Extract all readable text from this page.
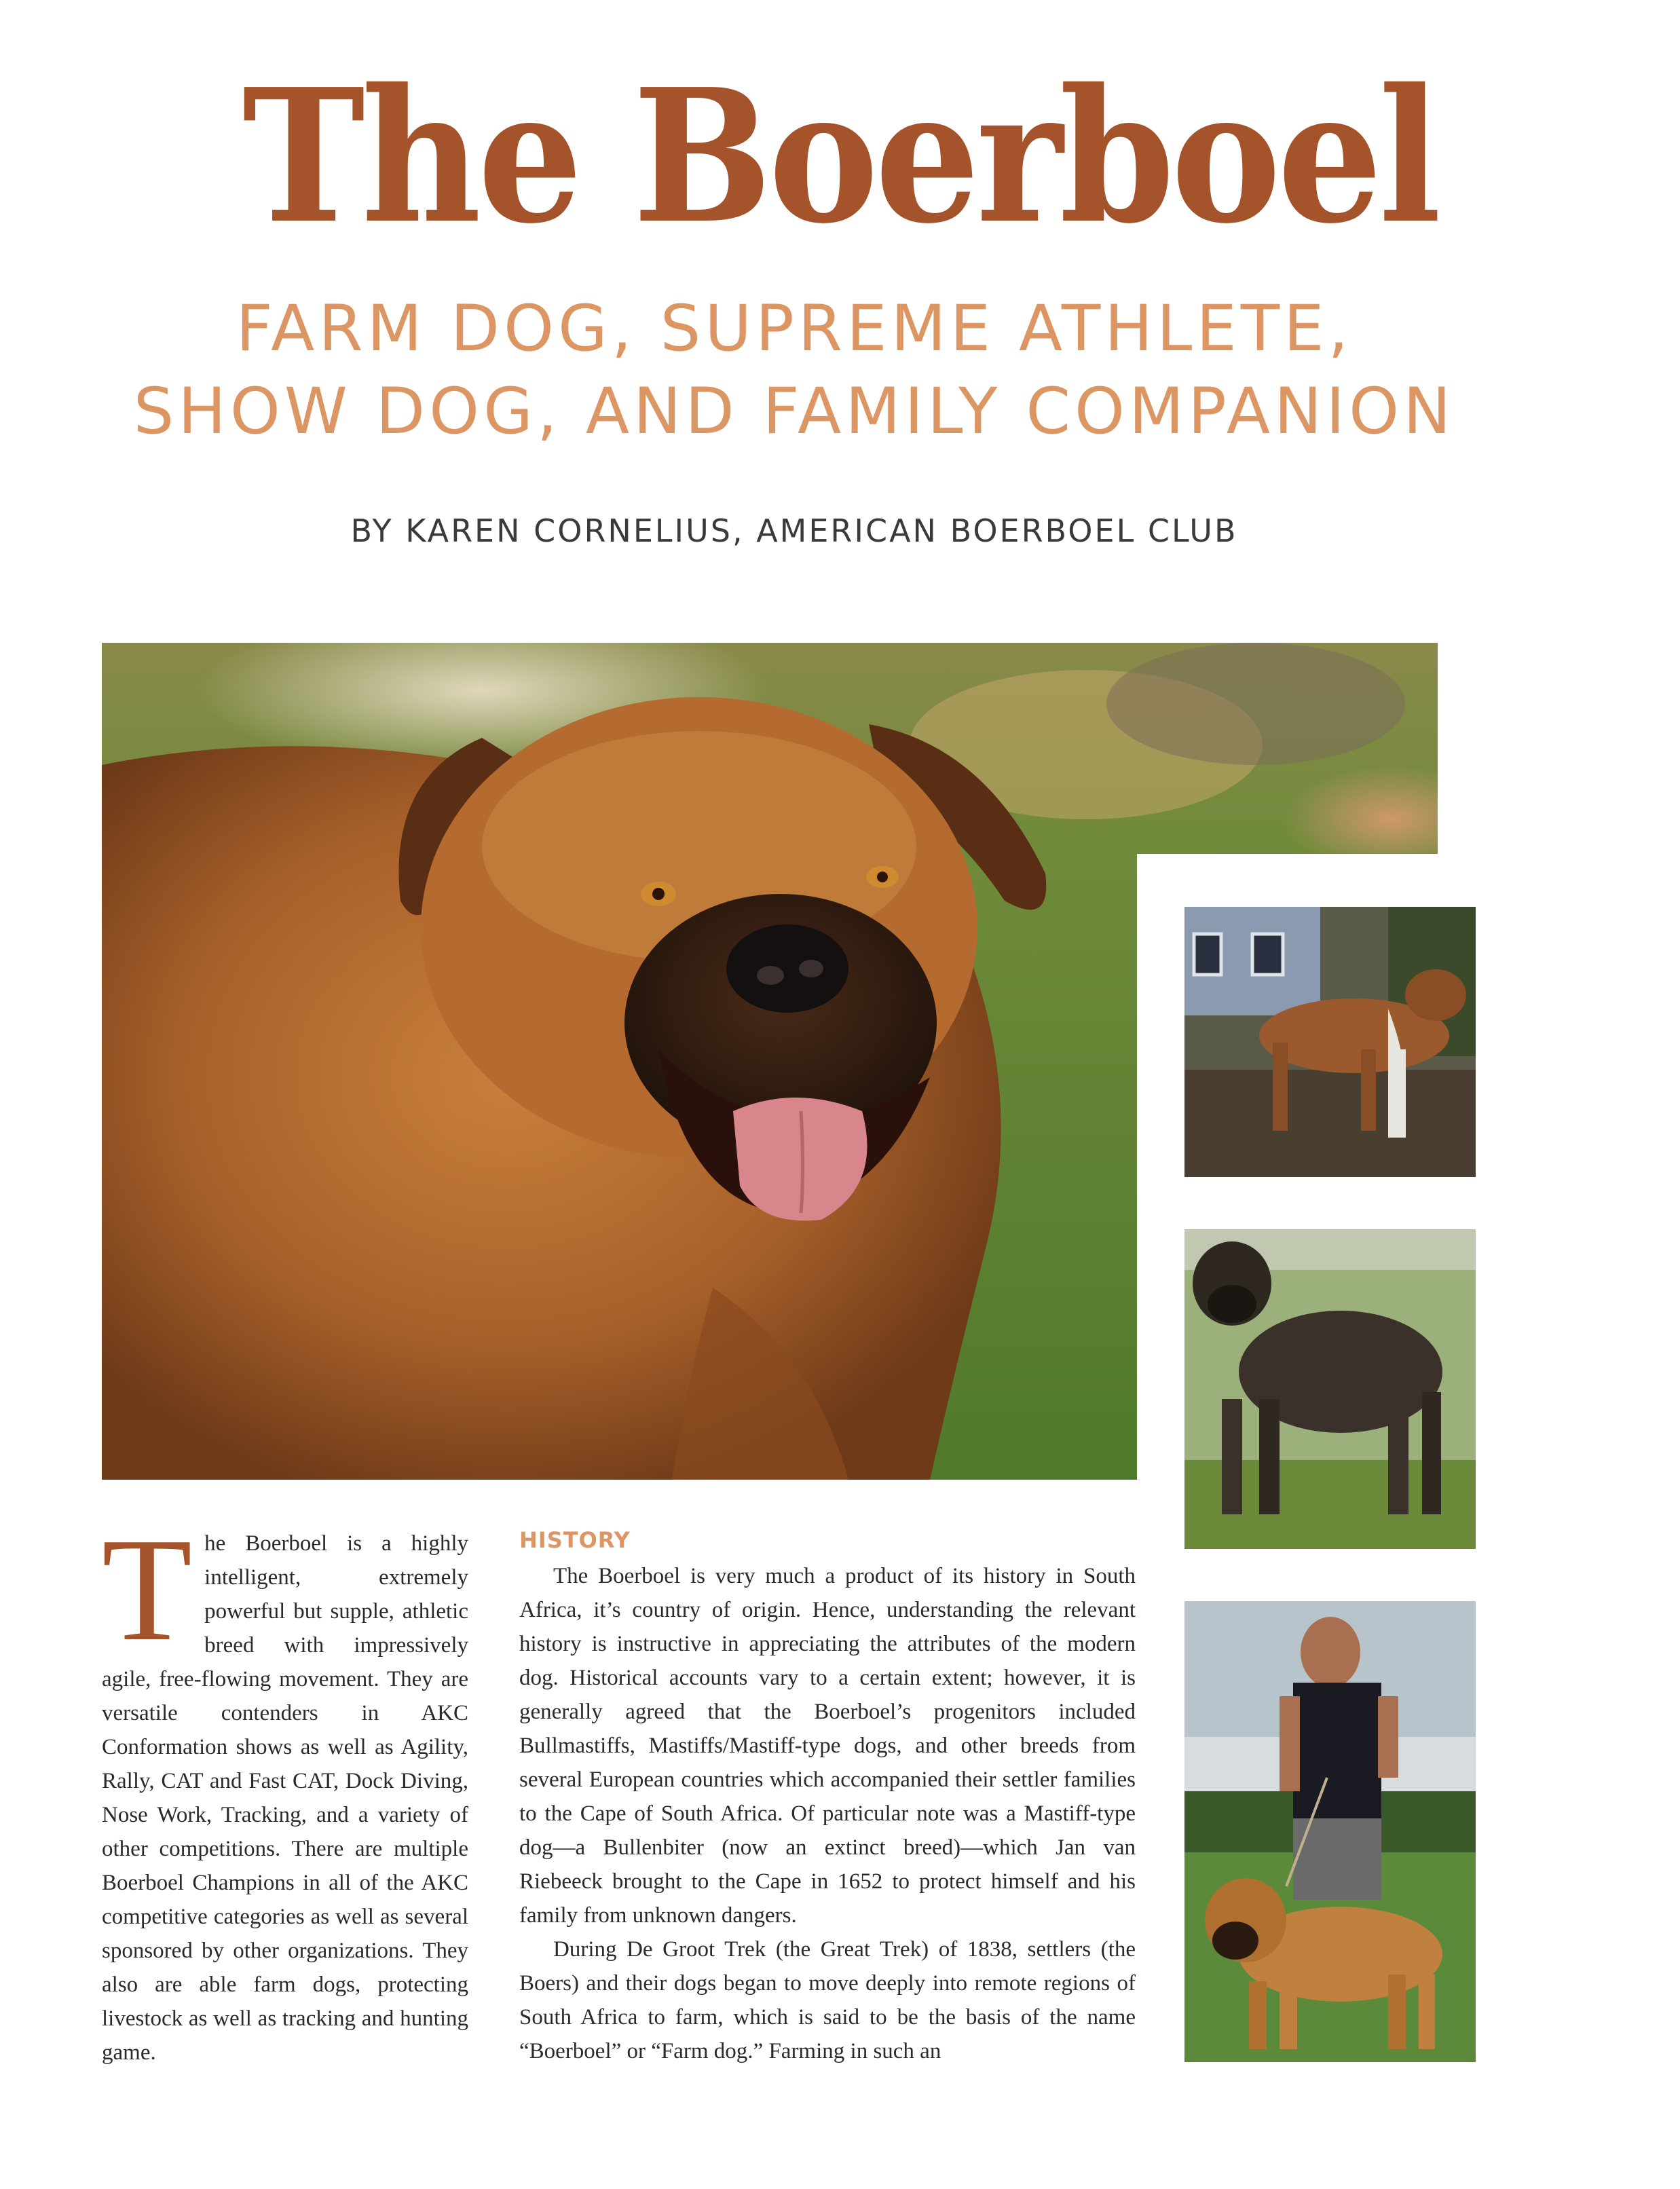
The Boerboel
FARM DOG, SUPREME ATHLETE,
SHOW DOG, AND FAMILY COMPANION
BY KAREN CORNELIUS, AMERICAN BOERBOEL CLUB
T he Boerboel is a highly intelligent, extremely powerful but supple, athletic breed with impressively agile, free-flowing movement. They are versatile contenders in AKC Conformation shows as well as Agility, Rally, CAT and Fast CAT, Dock Diving, Nose Work, Tracking, and a variety of other competitions. There are multiple Boerboel Champions in all of the AKC competitive categories as well as several sponsored by other organizations. They also are able farm dogs, protecting livestock as well as tracking and hunting game.
HISTORY

The Boerboel is very much a product of its history in South Africa, it’s country of origin. Hence, understanding the relevant history is instructive in appreciating the attributes of the modern dog. Historical accounts vary to a certain extent; however, it is generally agreed that the Boerboel’s progenitors included Bullmastiffs, Mastiffs/Mastiff-type dogs, and other breeds from several European countries which accompanied their settler families to the Cape of South Africa. Of particular note was a Mastiff-type dog—a Bullenbiter (now an extinct breed)—which Jan van Riebeeck brought to the Cape in 1652 to protect himself and his family from unknown dangers.

During De Groot Trek (the Great Trek) of 1838, settlers (the Boers) and their dogs began to move deeply into remote regions of South Africa to farm, which is said to be the basis of the name “Boerboel” or “Farm dog.” Farming in such an
